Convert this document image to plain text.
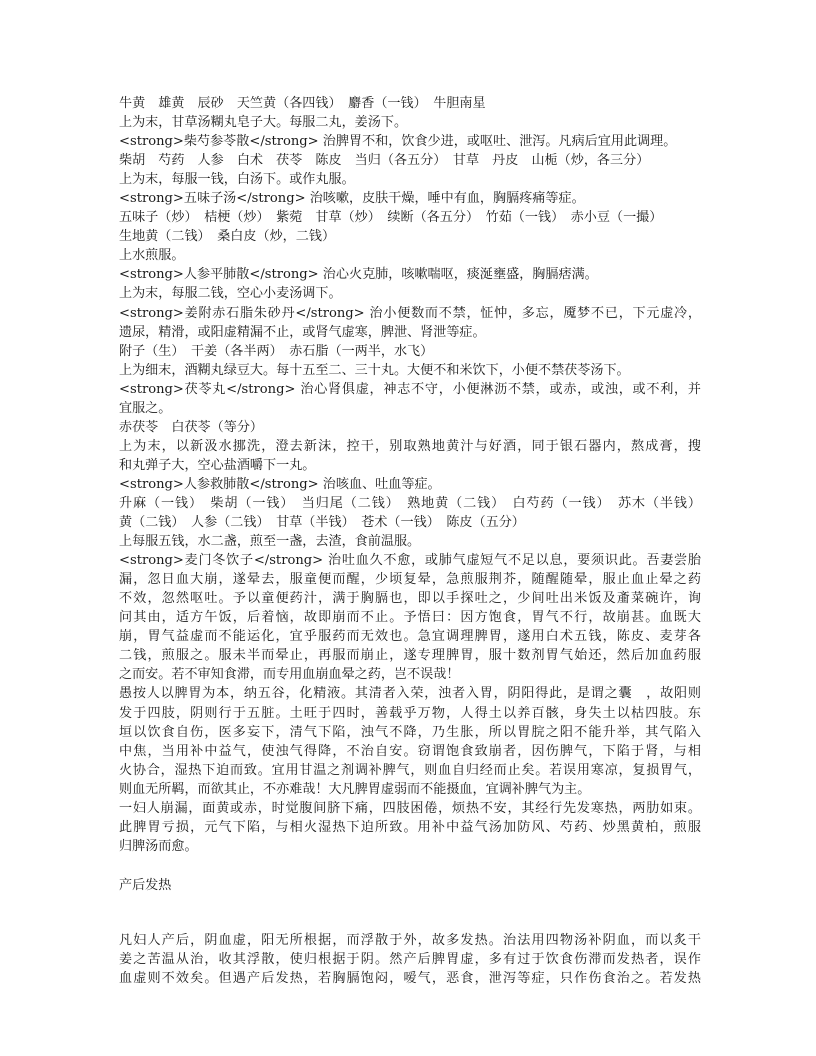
牛黄　雄黄　辰砂　天竺黄（各四钱）　麝香（一钱）　牛胆南星
上为末，甘草汤糊丸皂子大。每服二丸，姜汤下。
<strong>柴芍参苓散</strong> 治脾胃不和，饮食少进，或呕吐、泄泻。凡病后宜用此调理。
柴胡　芍药　人参　白术　茯苓　陈皮　当归（各五分）　甘草　丹皮　山栀（炒，各三分）
上为末，每服一钱，白汤下。或作丸服。
<strong>五味子汤</strong> 治咳嗽，皮肤干燥，唾中有血，胸膈疼痛等症。
五味子（炒）　桔梗（炒）　紫菀　甘草（炒）　续断（各五分）　竹茹（一钱）　赤小豆（一撮）
生地黄（二钱）　桑白皮（炒，二钱）
上水煎服。
<strong>人参平肺散</strong> 治心火克肺，咳嗽喘呕，痰涎壅盛，胸膈痞满。
上为末，每服二钱，空心小麦汤调下。
<strong>姜附赤石脂朱砂丹</strong> 治小便数而不禁，怔忡，多忘，魇梦不已，下元虚冷，
遗尿，精滑，或阳虚精漏不止，或肾气虚寒，脾泄、肾泄等症。
附子（生）　干姜（各半两）　赤石脂（一两半，水飞）
上为细末，酒糊丸绿豆大。每十五至二、三十丸。大便不和米饮下，小便不禁茯苓汤下。
<strong>茯苓丸</strong> 治心肾俱虚，神志不守，小便淋沥不禁，或赤，或浊，或不利，并
宜服之。
赤茯苓　白茯苓（等分）
上为末，以新汲水挪洗，澄去新沫，控干，别取熟地黄汁与好酒，同于银石器内，熬成膏，搜
和丸弹子大，空心盐酒嚼下一丸。
<strong>人参救肺散</strong> 治咳血、吐血等症。
升麻（一钱）　柴胡（一钱）　当归尾（二钱）　熟地黄（二钱）　白芍药（一钱）　苏木（半钱）
黄（二钱）　人参（二钱）　甘草（半钱）　苍术（一钱）　陈皮（五分）
上每服五钱，水二盏，煎至一盏，去渣，食前温服。
<strong>麦门冬饮子</strong> 治吐血久不愈，或肺气虚短气不足以息，要须识此。吾妻尝胎
漏，忽日血大崩，遂晕去，服童便而醒，少顷复晕，急煎服荆芥，随醒随晕，服止血止晕之药
不效，忽然呕吐。予以童便药汁，满于胸膈也，即以手探吐之，少间吐出米饭及齑菜碗许，询
问其由，适方午饭，后着恼，故即崩而不止。予悟曰：因方饱食，胃气不行，故崩甚。血既大
崩，胃气益虚而不能运化，宜乎服药而无效也。急宜调理脾胃，遂用白术五钱，陈皮、麦芽各
二钱，煎服之。服未半而晕止，再服而崩止，遂专理脾胃，服十数剂胃气始还，然后加血药服
之而安。若不审知食滞，而专用血崩血晕之药，岂不误哉！
愚按人以脾胃为本，纳五谷，化精液。其清者入荣，浊者入胃，阴阳得此，是谓之囊　，故阳则
发于四肢，阴则行于五脏。土旺于四时，善载乎万物，人得土以养百骸，身失土以枯四肢。东
垣以饮食自伤，医多妄下，清气下陷，浊气不降，乃生胀，所以胃脘之阳不能升举，其气陷入
中焦，当用补中益气，使浊气得降，不治自安。窃谓饱食致崩者，因伤脾气，下陷于肾，与相
火协合，湿热下迫而致。宜用甘温之剂调补脾气，则血自归经而止矣。若误用寒凉，复损胃气，
则血无所羁，而欲其止，不亦难哉！大凡脾胃虚弱而不能摄血，宜调补脾气为主。
一妇人崩漏，面黄或赤，时觉腹间脐下痛，四肢困倦，烦热不安，其经行先发寒热，两肋如束。
此脾胃亏损，元气下陷，与相火湿热下迫所致。用补中益气汤加防风、芍药、炒黑黄柏，煎服
归脾汤而愈。
产后发热
凡妇人产后，阴血虚，阳无所根据，而浮散于外，故多发热。治法用四物汤补阴血，而以炙干
姜之苦温从治，收其浮散，使归根据于阴。然产后脾胃虚，多有过于饮食伤滞而发热者，误作
血虚则不效矣。但遇产后发热，若胸膈饱闷，嗳气，恶食，泄泻等症，只作伤食治之。若发热
